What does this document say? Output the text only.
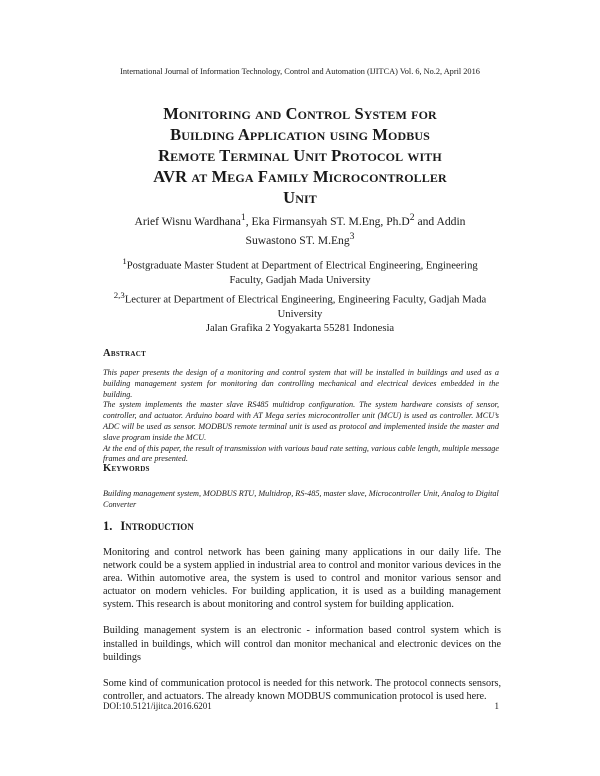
International Journal of Information Technology, Control and Automation (IJITCA) Vol. 6, No.2, April 2016
Monitoring and Control System for
Building Application using Modbus
Remote Terminal Unit Protocol with
AVR at Mega Family Microcontroller
Unit
Arief Wisnu Wardhana$^1$, Eka Firmansyah ST. M.Eng, $Ph.D^2$ and Addin Suwastono ST. M.Eng$^3$
$^1$Postgraduate Master Student at Department of Electrical Engineering, Engineering Faculty, Gadjah Mada University
$^{2,3}$Lecturer at Department of Electrical Engineering, Engineering Faculty, Gadjah Mada University
Jalan Grafika 2 Yogyakarta 55281 Indonesia
Abstract

This paper presents the design of a monitoring and control system that will be installed in buildings and used as a building management system for monitoring dan controlling mechanical and electrical devices embedded in the building.

The system implements the master slave RS485 multidrop configuration. The system hardware consists of sensor, controller, and actuator. Arduino board with AT Mega series microcontroller unit (MCU) is used as controller. MCU’s ADC will be used as sensor. MODBUS remote terminal unit is used as protocol and implemented inside the master and slave program inside the MCU.

At the end of this paper, the result of transmission with various baud rate setting, various cable length, multiple message frames and are presented.

Keywords
Building management system, MODBUS RTU, Multidrop, RS-485, master slave, Microcontroller Unit, Analog to Digital Converter
1. Introduction

Monitoring and control network has been gaining many applications in our daily life. The network could be a system applied in industrial area to control and monitor various devices in the area. Within automotive area, the system is used to control and monitor various sensor and actuator on modern vehicles. For building application, it is used as a building management system. This research is about monitoring and control system for building application.

Building management system is an electronic - information based control system which is installed in buildings, which will control dan monitor mechanical and electronic devices on the buildings

Some kind of communication protocol is needed for this network. The protocol connects sensors, controller, and actuators. The already known MODBUS communication protocol is used here.

DOI:10.5121/ijitca.2016.6201	1
